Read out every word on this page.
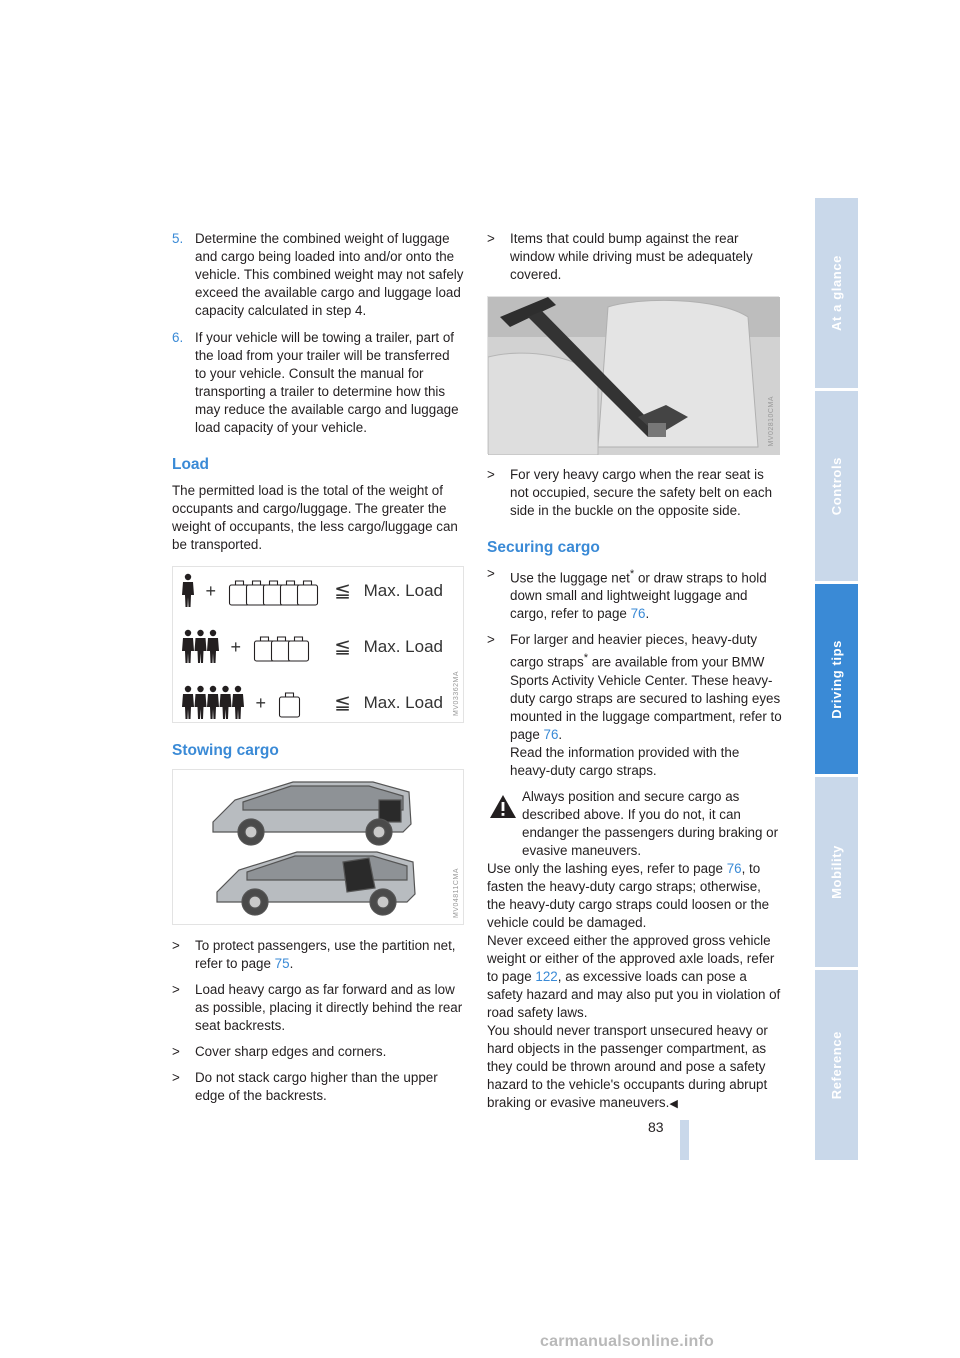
5. Determine the combined weight of luggage and cargo being loaded into and/or onto the vehicle. This combined weight may not safely exceed the available cargo and luggage load capacity calculated in step 4.
6. If your vehicle will be towing a trailer, part of the load from your trailer will be transferred to your vehicle. Consult the manual for transporting a trailer to determine how this may reduce the available cargo and luggage load capacity of your vehicle.
Load
The permitted load is the total of the weight of occupants and cargo/luggage. The greater the weight of occupants, the less cargo/luggage can be transported.
MV03362MA
+	≦ Max. Load
+	≦ Max. Load
+	≦ Max. Load
Stowing cargo
MV04811CMA
>	To protect passengers, use the partition net, refer to page 75.
>	Load heavy cargo as far forward and as low as possible, placing it directly behind the rear seat backrests.
>	Cover sharp edges and corners.
>	Do not stack cargo higher than the upper edge of the backrests.
>	Items that could bump against the rear window while driving must be adequately covered.
MV02810CMA
>	For very heavy cargo when the rear seat is not occupied, secure the safety belt on each side in the buckle on the opposite side.
Securing cargo
>	Use the luggage net* or draw straps to hold down small and lightweight luggage and cargo, refer to page 76.
>	For larger and heavier pieces, heavy-duty cargo straps* are available from your BMW Sports Activity Vehicle Center. These heavy-duty cargo straps are secured to lashing eyes mounted in the luggage compartment, refer to page 76.
Read the information provided with the heavy-duty cargo straps.
Always position and secure cargo as described above. If you do not, it can endanger the passengers during braking or evasive maneuvers.
Use only the lashing eyes, refer to page 76, to fasten the heavy-duty cargo straps; otherwise, the heavy-duty cargo straps could loosen or the vehicle could be damaged.
Never exceed either the approved gross vehicle weight or either of the approved axle loads, refer to page 122, as excessive loads can pose a safety hazard and may also put you in violation of road safety laws.
You should never transport unsecured heavy or hard objects in the passenger compartment, as they could be thrown around and pose a safety hazard to the vehicle's occupants during abrupt braking or evasive maneuvers.◀
At a glance
Controls
Driving tips
Mobility
Reference
83
carmanualsonline.info
